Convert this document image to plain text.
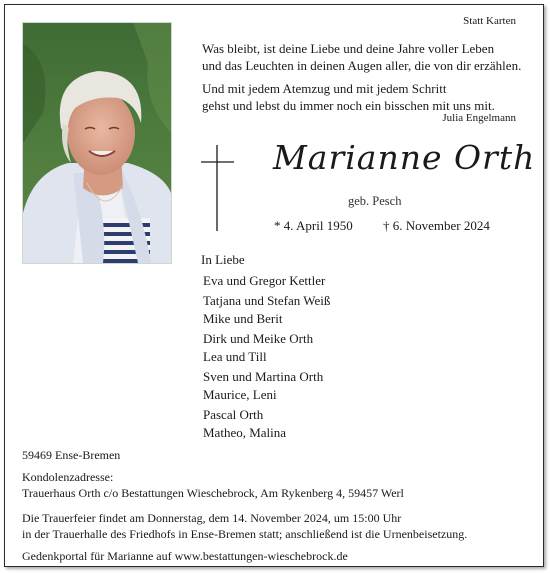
Statt Karten
Was bleibt, ist deine Liebe und deine Jahre voller Leben
und das Leuchten in deinen Augen aller, die von dir erzählen.
Und mit jedem Atemzug und mit jedem Schritt
gehst und lebst du immer noch ein bisschen mit uns mit.
Julia Engelmann
Marianne Orth
geb. Pesch
* 4. April 1950 † 6. November 2024
In Liebe
Eva und Gregor Kettler
Tatjana und Stefan Weiß
Mike und Berit
Dirk und Meike Orth
Lea und Till
Sven und Martina Orth
Maurice, Leni
Pascal Orth
Matheo, Malina
59469 Ense-Bremen
Kondolenzadresse:
Trauerhaus Orth c/o Bestattungen Wieschebrock, Am Rykenberg 4, 59457 Werl
Die Trauerfeier findet am Donnerstag, dem 14. November 2024, um 15:00 Uhr
in der Trauerhalle des Friedhofs in Ense-Bremen statt; anschließend ist die Urnenbeisetzung.
Gedenkportal für Marianne auf www.bestattungen-wieschebrock.de
